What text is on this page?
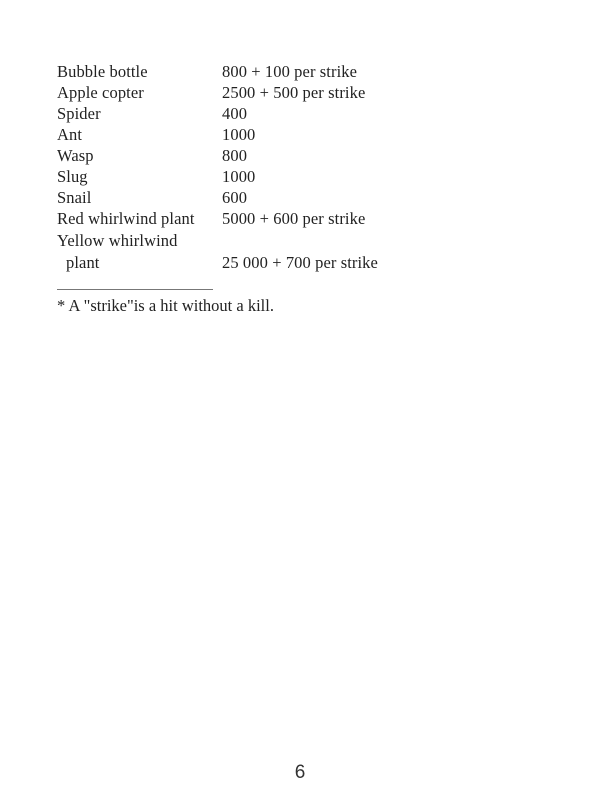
Bubble bottle	800 + 100 per strike
Apple copter	2500 + 500 per strike
Spider	400
Ant	1000
Wasp	800
Slug	1000
Snail	600
Red whirlwind plant	5000 + 600 per strike
Yellow whirlwind
plant	25 000 + 700 per strike
* A "strike"is a hit without a kill.
6
